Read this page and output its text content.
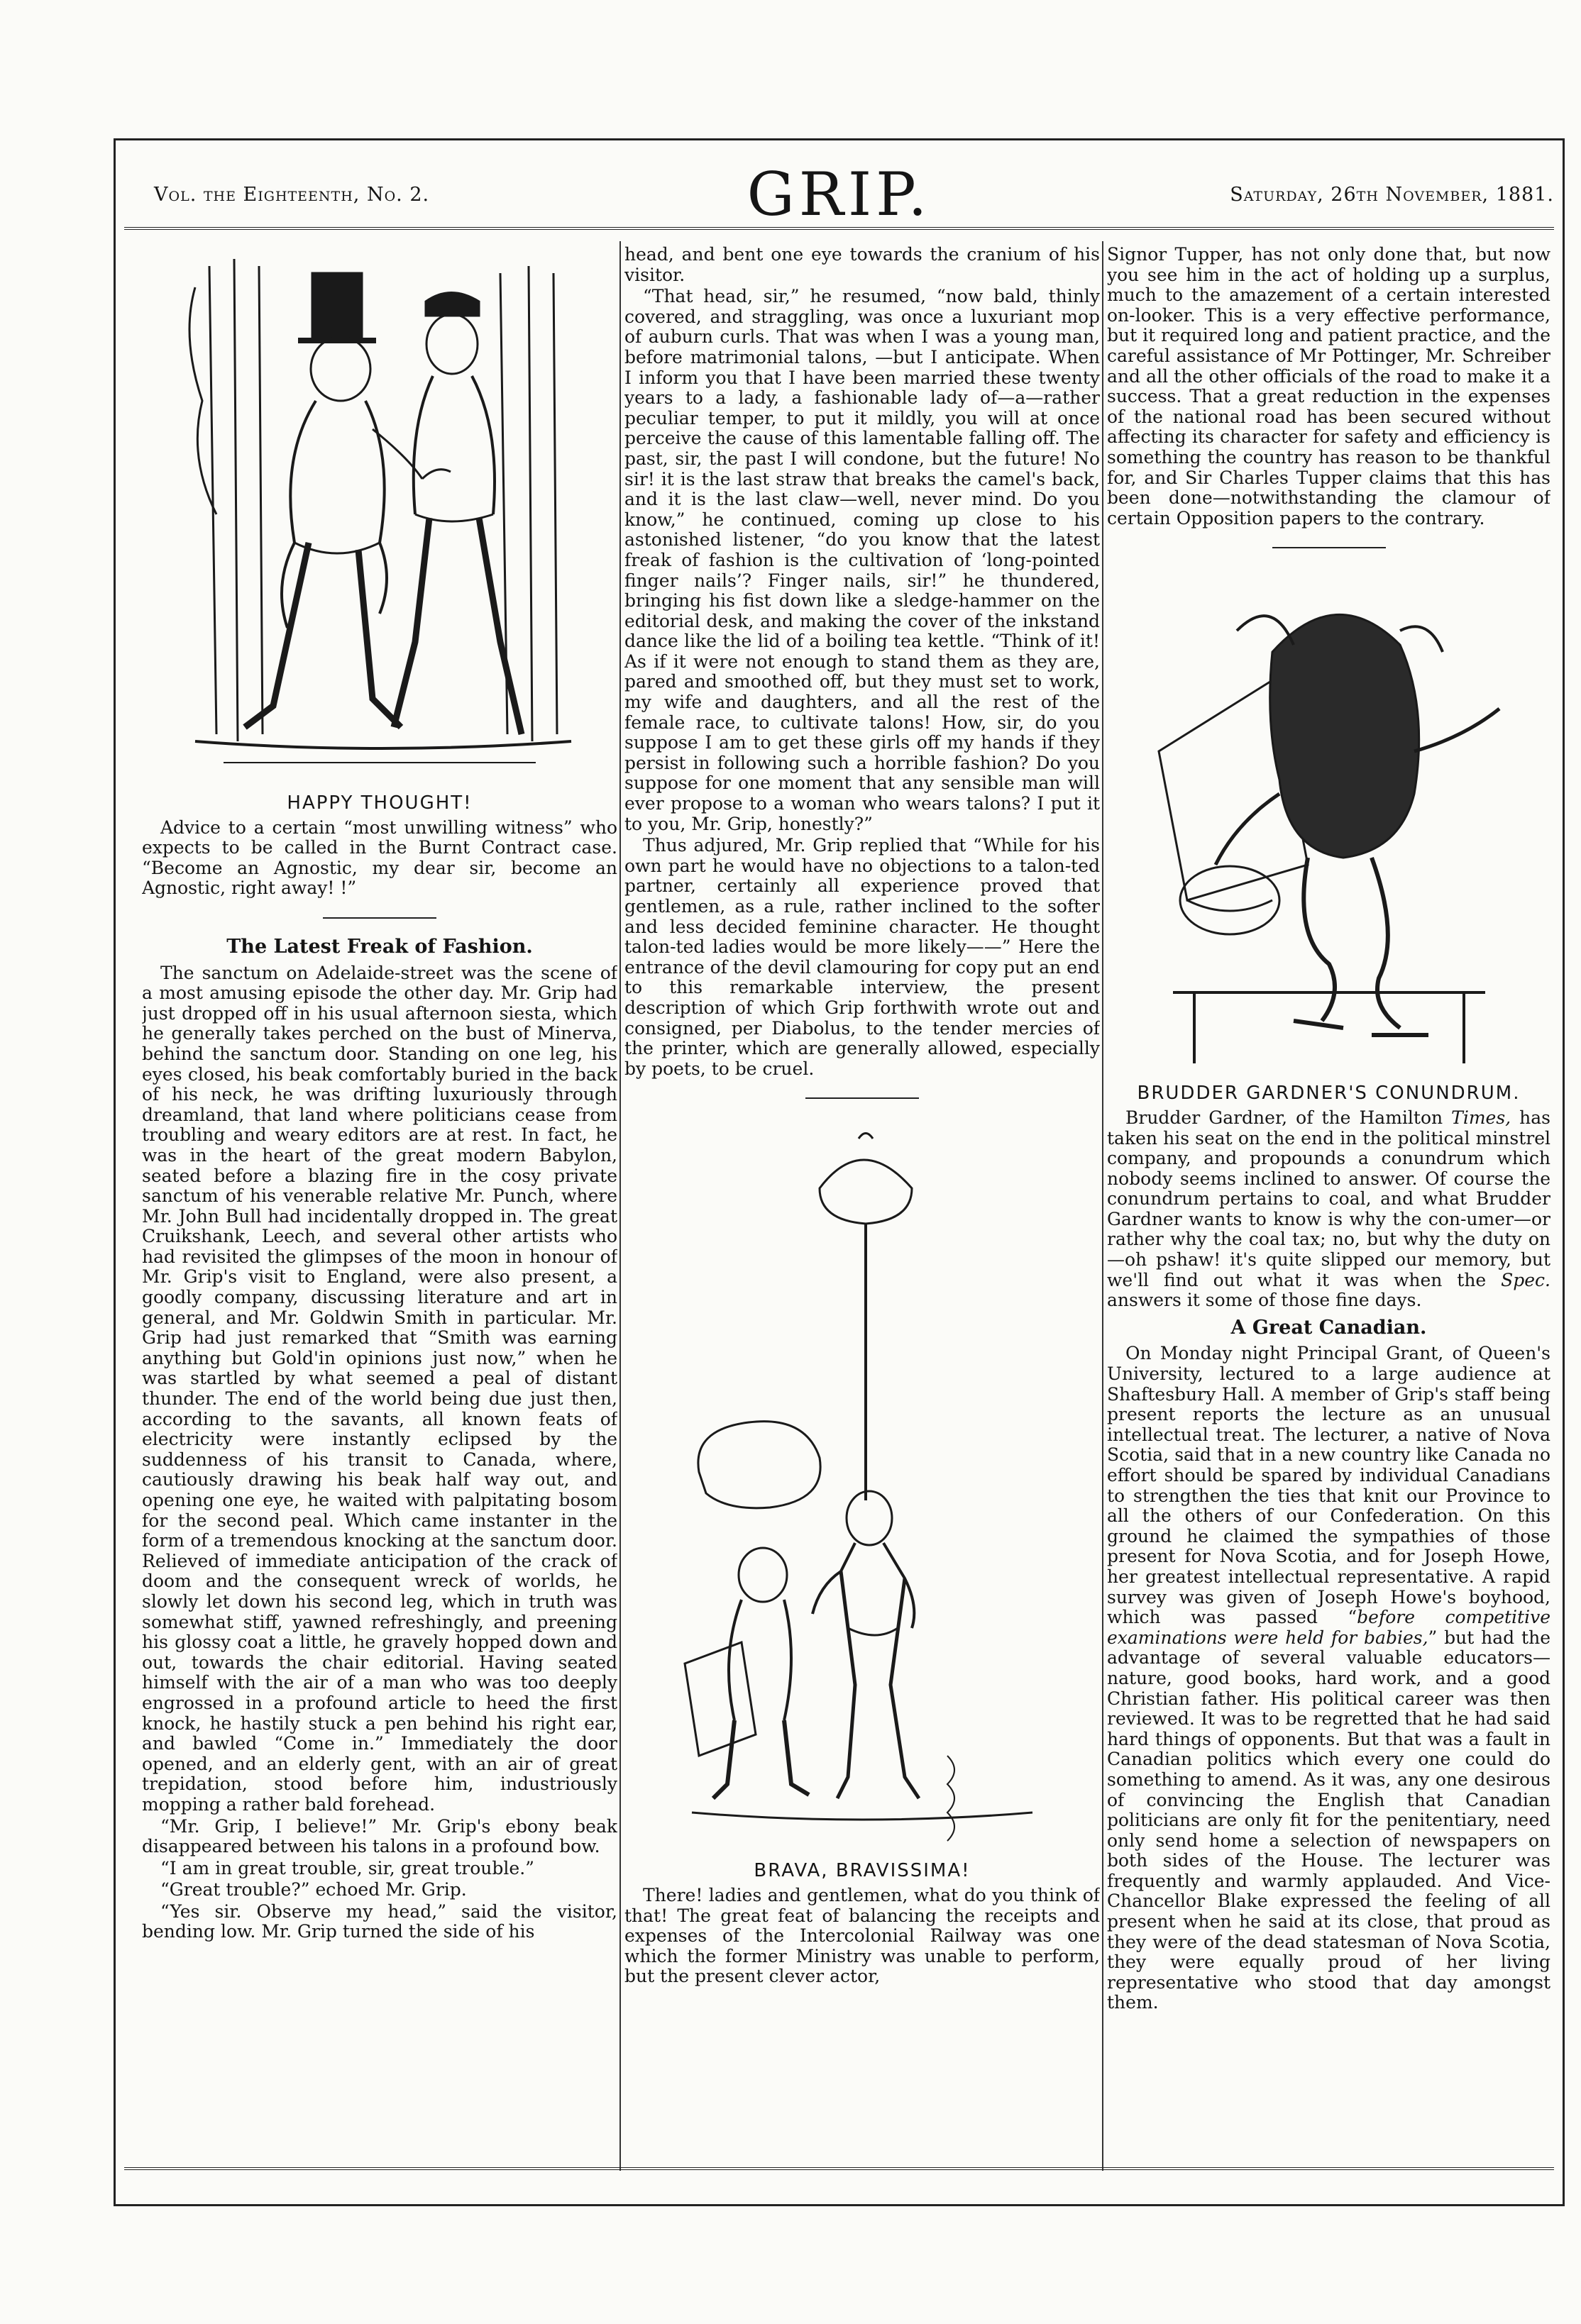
Vol. the Eighteenth, No. 2.	GRIP.	Saturday, 26th November, 1881.
HAPPY THOUGHT!

Advice to a certain “most unwilling witness” who expects to be called in the Burnt Contract case. “Become an Agnostic, my dear sir, become an Agnostic, right away! !”

The Latest Freak of Fashion.

The sanctum on Adelaide-street was the scene of a most amusing episode the other day. Mr. Grip had just dropped off in his usual afternoon siesta, which he generally takes perched on the bust of Minerva, behind the sanctum door. Standing on one leg, his eyes closed, his beak comfortably buried in the back of his neck, he was drifting luxuriously through dreamland, that land where politicians cease from troubling and weary editors are at rest. In fact, he was in the heart of the great modern Babylon, seated before a blazing fire in the cosy private sanctum of his venerable relative Mr. Punch, where Mr. John Bull had incidentally dropped in. The great Cruikshank, Leech, and several other artists who had revisited the glimpses of the moon in honour of Mr. Grip's visit to England, were also present, a goodly company, discussing literature and art in general, and Mr. Goldwin Smith in particular. Mr. Grip had just remarked that “Smith was earning anything but Gold'in opinions just now,” when he was startled by what seemed a peal of distant thunder. The end of the world being due just then, according to the savants, all known feats of electricity were instantly eclipsed by the suddenness of his transit to Canada, where, cautiously drawing his beak half way out, and opening one eye, he waited with palpitating bosom for the second peal. Which came instanter in the form of a tremendous knocking at the sanctum door. Relieved of immediate anticipation of the crack of doom and the consequent wreck of worlds, he slowly let down his second leg, which in truth was somewhat stiff, yawned refreshingly, and preening his glossy coat a little, he gravely hopped down and out, towards the chair editorial. Having seated himself with the air of a man who was too deeply engrossed in a profound article to heed the first knock, he hastily stuck a pen behind his right ear, and bawled “Come in.” Immediately the door opened, and an elderly gent, with an air of great trepidation, stood before him, industriously mopping a rather bald forehead.

“Mr. Grip, I believe!” Mr. Grip's ebony beak disappeared between his talons in a profound bow.

“I am in great trouble, sir, great trouble.”

“Great trouble?” echoed Mr. Grip.

“Yes sir. Observe my head,” said the visitor, bending low. Mr. Grip turned the side of his

head, and bent one eye towards the cranium of his visitor.

“That head, sir,” he resumed, “now bald, thinly covered, and straggling, was once a luxuriant mop of auburn curls. That was when I was a young man, before matrimonial talons, —but I anticipate. When I inform you that I have been married these twenty years to a lady, a fashionable lady of—a—rather peculiar temper, to put it mildly, you will at once perceive the cause of this lamentable falling off. The past, sir, the past I will condone, but the future! No sir! it is the last straw that breaks the camel's back, and it is the last claw—well, never mind. Do you know,” he continued, coming up close to his astonished listener, “do you know that the latest freak of fashion is the cultivation of ‘long-pointed finger nails’? Finger nails, sir!” he thundered, bringing his fist down like a sledge-hammer on the editorial desk, and making the cover of the inkstand dance like the lid of a boiling tea kettle. “Think of it! As if it were not enough to stand them as they are, pared and smoothed off, but they must set to work, my wife and daughters, and all the rest of the female race, to cultivate talons! How, sir, do you suppose I am to get these girls off my hands if they persist in following such a horrible fashion? Do you suppose for one moment that any sensible man will ever propose to a woman who wears talons? I put it to you, Mr. Grip, honestly?”

Thus adjured, Mr. Grip replied that “While for his own part he would have no objections to a talon-ted partner, certainly all experience proved that gentlemen, as a rule, rather inclined to the softer and less decided feminine character. He thought talon-ted ladies would be more likely——” Here the entrance of the devil clamouring for copy put an end to this remarkable interview, the present description of which Grip forthwith wrote out and consigned, per Diabolus, to the tender mercies of the printer, which are generally allowed, especially by poets, to be cruel.

BRAVA, BRAVISSIMA!

There! ladies and gentlemen, what do you think of that! The great feat of balancing the receipts and expenses of the Intercolonial Railway was one which the former Ministry was unable to perform, but the present clever actor,

Signor Tupper, has not only done that, but now you see him in the act of holding up a surplus, much to the amazement of a certain interested on-looker. This is a very effective performance, but it required long and patient practice, and the careful assistance of Mr Pottinger, Mr. Schreiber and all the other officials of the road to make it a success. That a great reduction in the expenses of the national road has been secured without affecting its character for safety and efficiency is something the country has reason to be thankful for, and Sir Charles Tupper claims that this has been done—notwithstanding the clamour of certain Opposition papers to the contrary.

BRUDDER GARDNER'S CONUNDRUM.

Brudder Gardner, of the Hamilton Times, has taken his seat on the end in the political minstrel company, and propounds a conundrum which nobody seems inclined to answer. Of course the conundrum pertains to coal, and what Brudder Gardner wants to know is why the con-umer—or rather why the coal tax; no, but why the duty on—oh pshaw! it's quite slipped our memory, but we'll find out what it was when the Spec. answers it some of those fine days.

A Great Canadian.

On Monday night Principal Grant, of Queen's University, lectured to a large audience at Shaftesbury Hall. A member of Grip's staff being present reports the lecture as an unusual intellectual treat. The lecturer, a native of Nova Scotia, said that in a new country like Canada no effort should be spared by individual Canadians to strengthen the ties that knit our Province to all the others of our Confederation. On this ground he claimed the sympathies of those present for Nova Scotia, and for Joseph Howe, her greatest intellectual representative. A rapid survey was given of Joseph Howe's boyhood, which was passed “before competitive examinations were held for babies,” but had the advantage of several valuable educators—nature, good books, hard work, and a good Christian father. His political career was then reviewed. It was to be regretted that he had said hard things of opponents. But that was a fault in Canadian politics which every one could do something to amend. As it was, any one desirous of convincing the English that Canadian politicians are only fit for the penitentiary, need only send home a selection of newspapers on both sides of the House. The lecturer was frequently and warmly applauded. And Vice-Chancellor Blake expressed the feeling of all present when he said at its close, that proud as they were of the dead statesman of Nova Scotia, they were equally proud of her living representative who stood that day amongst them.
